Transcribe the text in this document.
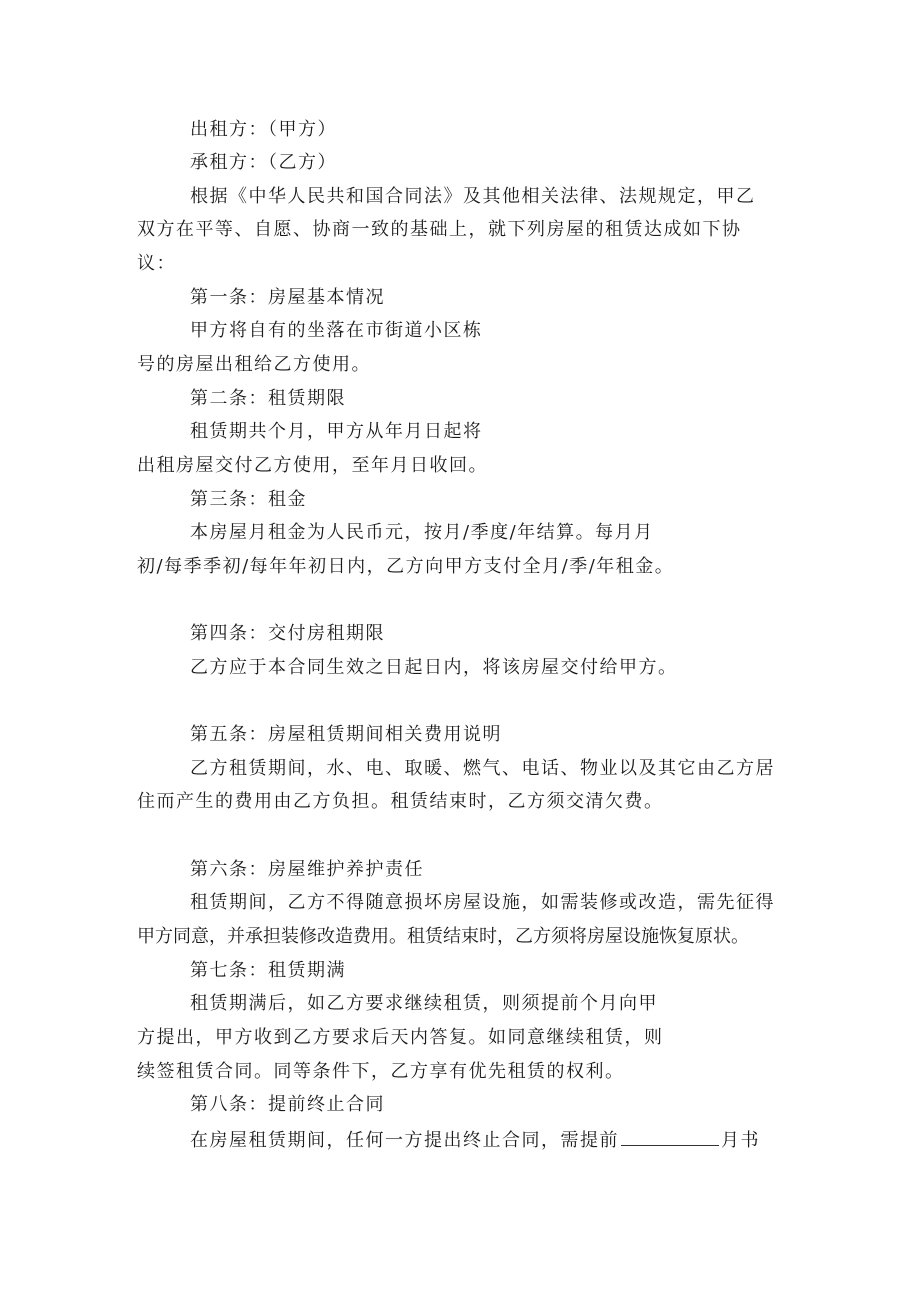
出租方：（甲方）
承租方：（乙方）
根据《中华人民共和国合同法》及其他相关法律、法规规定，甲乙
双方在平等、自愿、协商一致的基础上，就下列房屋的租赁达成如下协
议：
第一条：房屋基本情况
甲方将自有的坐落在市街道小区栋
号的房屋出租给乙方使用。
第二条：租赁期限
租赁期共个月，甲方从年月日起将
出租房屋交付乙方使用，至年月日收回。
第三条：租金
本房屋月租金为人民币元，按月/季度/年结算。每月月
初/每季季初/每年年初日内，乙方向甲方支付全月/季/年租金。
第四条：交付房租期限
乙方应于本合同生效之日起日内，将该房屋交付给甲方。
第五条：房屋租赁期间相关费用说明
乙方租赁期间，水、电、取暖、燃气、电话、物业以及其它由乙方居
住而产生的费用由乙方负担。租赁结束时，乙方须交清欠费。
第六条：房屋维护养护责任
租赁期间，乙方不得随意损坏房屋设施，如需装修或改造，需先征得
甲方同意，并承担装修改造费用。租赁结束时，乙方须将房屋设施恢复原状。
第七条：租赁期满
租赁期满后，如乙方要求继续租赁，则须提前个月向甲
方提出，甲方收到乙方要求后天内答复。如同意继续租赁，则
续签租赁合同。同等条件下，乙方享有优先租赁的权利。
第八条：提前终止合同
在房屋租赁期间，任何一方提出终止合同，需提前	月书
